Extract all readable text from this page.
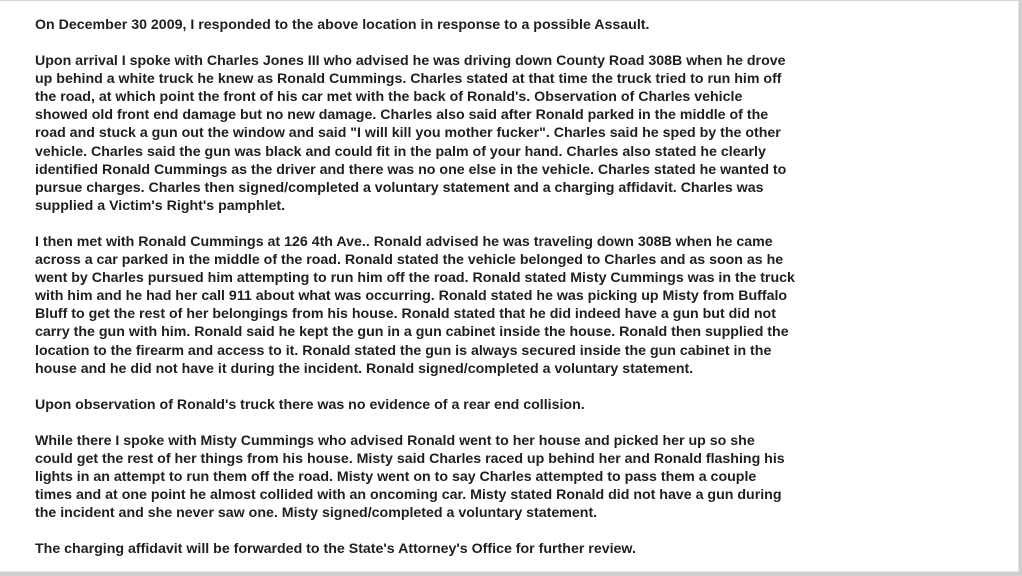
On December 30 2009, I responded to the above location in response to a possible Assault.

Upon arrival I spoke with Charles Jones III who advised he was driving down County Road 308B when he drove
up behind a white truck he knew as Ronald Cummings. Charles stated at that time the truck tried to run him off
the road, at which point the front of his car met with the back of Ronald's. Observation of Charles vehicle
showed old front end damage but no new damage. Charles also said after Ronald parked in the middle of the
road and stuck a gun out the window and said "I will kill you mother fucker". Charles said he sped by the other
vehicle. Charles said the gun was black and could fit in the palm of your hand. Charles also stated he clearly
identified Ronald Cummings as the driver and there was no one else in the vehicle. Charles stated he wanted to
pursue charges. Charles then signed/completed a voluntary statement and a charging affidavit. Charles was
supplied a Victim's Right's pamphlet.

I then met with Ronald Cummings at 126 4th Ave.. Ronald advised he was traveling down 308B when he came
across a car parked in the middle of the road. Ronald stated the vehicle belonged to Charles and as soon as he
went by Charles pursued him attempting to run him off the road. Ronald stated Misty Cummings was in the truck
with him and he had her call 911 about what was occurring. Ronald stated he was picking up Misty from Buffalo
Bluff to get the rest of her belongings from his house. Ronald stated that he did indeed have a gun but did not
carry the gun with him. Ronald said he kept the gun in a gun cabinet inside the house. Ronald then supplied the
location to the firearm and access to it. Ronald stated the gun is always secured inside the gun cabinet in the
house and he did not have it during the incident. Ronald signed/completed a voluntary statement.

Upon observation of Ronald's truck there was no evidence of a rear end collision.

While there I spoke with Misty Cummings who advised Ronald went to her house and picked her up so she
could get the rest of her things from his house. Misty said Charles raced up behind her and Ronald flashing his
lights in an attempt to run them off the road. Misty went on to say Charles attempted to pass them a couple
times and at one point he almost collided with an oncoming car. Misty stated Ronald did not have a gun during
the incident and she never saw one. Misty signed/completed a voluntary statement.

The charging affidavit will be forwarded to the State's Attorney's Office for further review.
